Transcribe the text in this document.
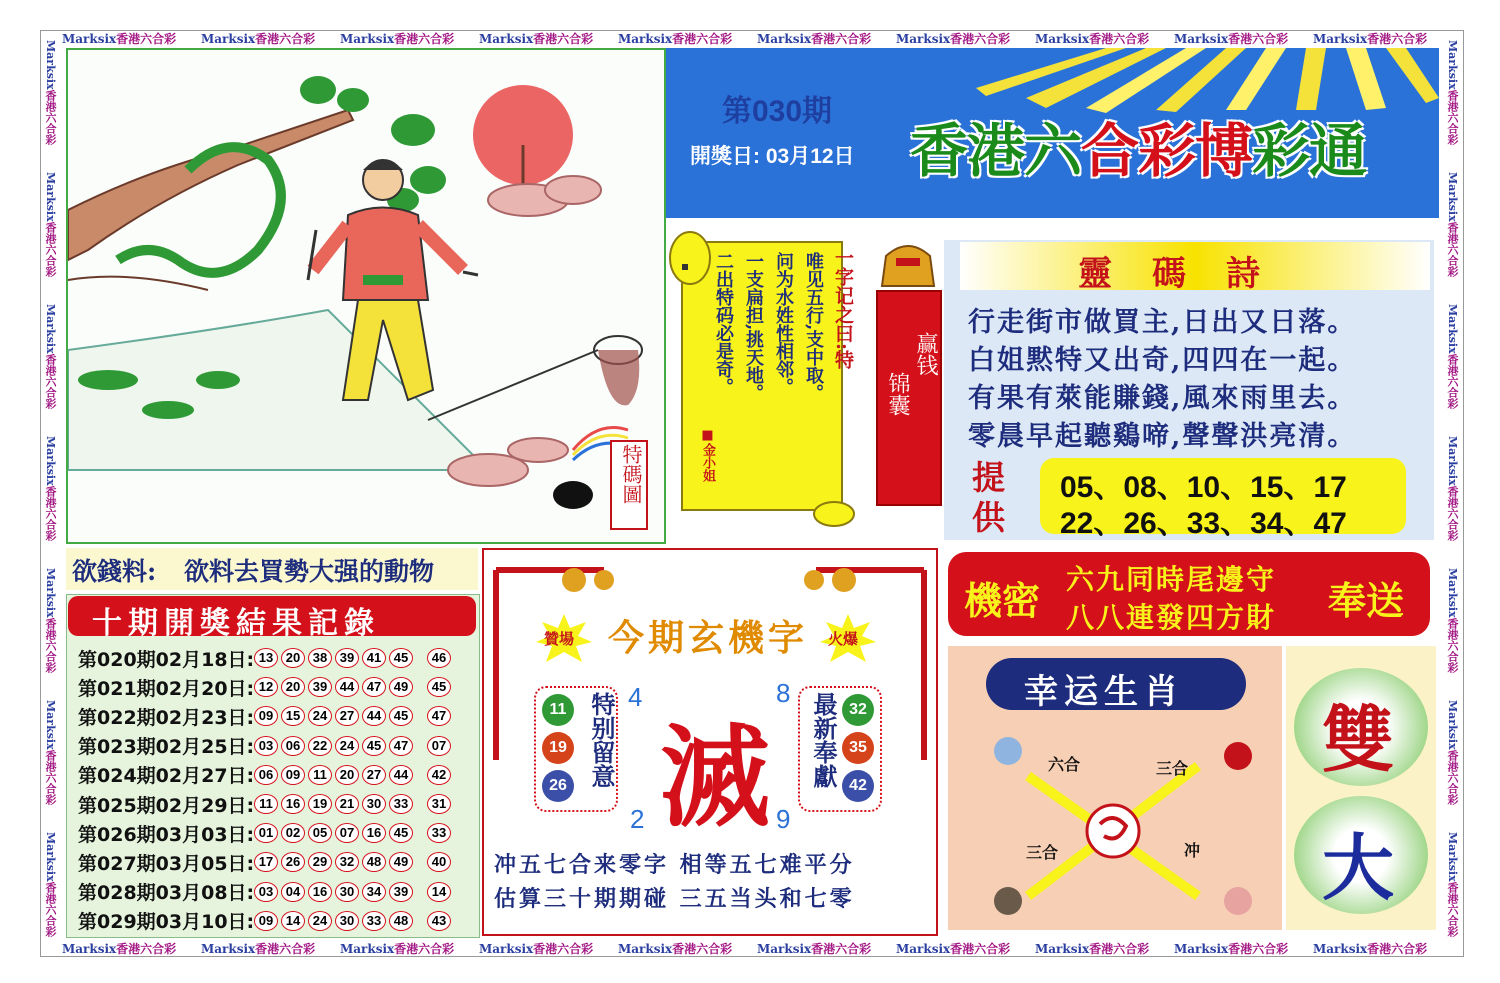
Marksix香港六合彩	Marksix香港六合彩	Marksix香港六合彩	Marksix香港六合彩	Marksix香港六合彩	Marksix香港六合彩	Marksix香港六合彩	Marksix香港六合彩	Marksix香港六合彩	Marksix香港六合彩
Marksix香港六合彩	Marksix香港六合彩	Marksix香港六合彩	Marksix香港六合彩	Marksix香港六合彩	Marksix香港六合彩	Marksix香港六合彩	Marksix香港六合彩	Marksix香港六合彩	Marksix香港六合彩
Marksix香港六合彩Marksix香港六合彩Marksix香港六合彩Marksix香港六合彩Marksix香港六合彩Marksix香港六合彩Marksix香港六合彩
Marksix香港六合彩Marksix香港六合彩Marksix香港六合彩Marksix香港六合彩Marksix香港六合彩Marksix香港六合彩Marksix香港六合彩
特碼圖
第030期
開獎日: 03月12日 香港六合彩博彩通
一字记之曰:特
唯见五行,支中取。
问为水姓性相邻。
一支扁担,挑天地。
二出特码必是奇。
■金小姐
锦囊
赢钱
靈碼詩
行走街市做買主,日出又日落。
白姐黙特又出奇,四四在一起。
有果有萊能賺錢,風來雨里去。
零晨早起聽鷄啼,聲聲洪亮清。
提供
05、08、10、15、17
22、26、33、34、47
機密 六九同時尾邊守
八八連發四方財 奉送
幸运生肖
六合	三合
三合	冲
雙
大
欲錢料: 欲料去買勢大强的動物
十期開獎結果記錄
第020期02月18日: 13 20 38 39 41 45	46
第021期02月20日: 12 20 39 44 47 49	45
第022期02月23日: 09 15 24 27 44 45	47
第023期02月25日: 03 06 22 24 45 47	07
第024期02月27日: 06 09 11 20 27 44	42
第025期02月29日: 11 16 19 21 30 33	31
第026期03月03日: 01 02 05 07 16 45	33
第027期03月05日: 17 26 29 32 48 49	40
第028期03月08日: 03 04 16 30 34 39	14
第029期03月10日: 09 14 24 30 33 48	43
贊場	火爆
今期玄機字
滅
11
19
26
32
35
42
特别留意	最新奉獻
4	8
2	9
冲五七合来零字 相等五七难平分
估算三十期期碰 三五当头和七零
